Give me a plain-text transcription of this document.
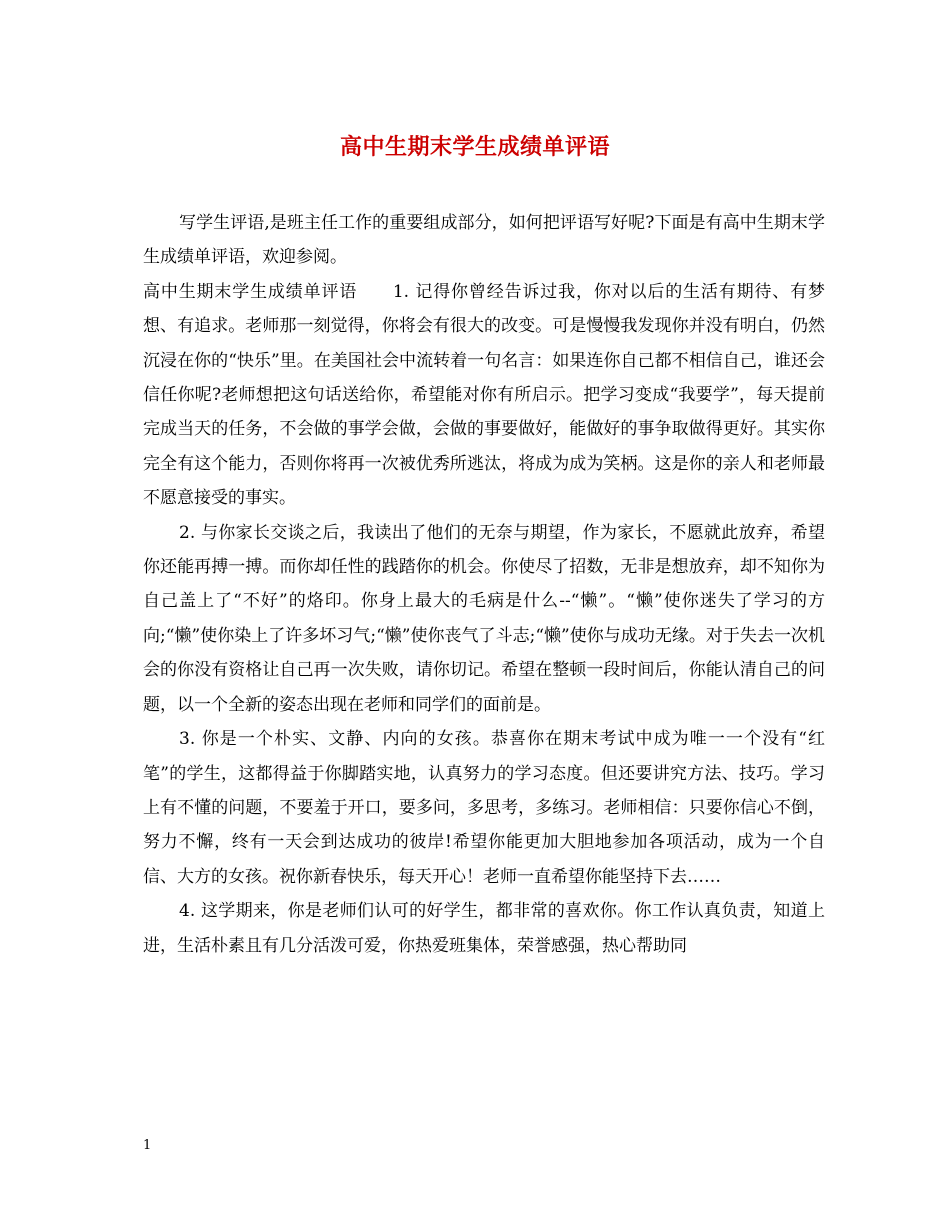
高中生期末学生成绩单评语

写学生评语,是班主任工作的重要组成部分，如何把评语写好呢?下面是有高中生期末学生成绩单评语，欢迎参阅。

高中生期末学生成绩单评语　　1. 记得你曾经告诉过我，你对以后的生活有期待、有梦想、有追求。老师那一刻觉得，你将会有很大的改变。可是慢慢我发现你并没有明白，仍然沉浸在你的“快乐”里。在美国社会中流转着一句名言：如果连你自己都不相信自己，谁还会信任你呢?老师想把这句话送给你，希望能对你有所启示。把学习变成“我要学”，每天提前完成当天的任务，不会做的事学会做，会做的事要做好，能做好的事争取做得更好。其实你完全有这个能力，否则你将再一次被优秀所逃汰，将成为成为笑柄。这是你的亲人和老师最不愿意接受的事实。

2. 与你家长交谈之后，我读出了他们的无奈与期望，作为家长，不愿就此放弃，希望你还能再搏一搏。而你却任性的践踏你的机会。你使尽了招数，无非是想放弃，却不知你为自己盖上了“不好”的烙印。你身上最大的毛病是什么--“懒”。“懒”使你迷失了学习的方向;“懒”使你染上了许多坏习气;“懒”使你丧气了斗志;“懒”使你与成功无缘。对于失去一次机会的你没有资格让自己再一次失败，请你切记。希望在整顿一段时间后，你能认清自己的问题，以一个全新的姿态出现在老师和同学们的面前是。

3. 你是一个朴实、文静、内向的女孩。恭喜你在期末考试中成为唯一一个没有“红笔”的学生，这都得益于你脚踏实地，认真努力的学习态度。但还要讲究方法、技巧。学习上有不懂的问题，不要羞于开口，要多问，多思考，多练习。老师相信：只要你信心不倒，努力不懈，终有一天会到达成功的彼岸!希望你能更加大胆地参加各项活动，成为一个自信、大方的女孩。祝你新春快乐，每天开心！老师一直希望你能坚持下去……

4. 这学期来，你是老师们认可的好学生，都非常的喜欢你。你工作认真负责，知道上进，生活朴素且有几分活泼可爱，你热爱班集体，荣誉感强，热心帮助同

1
